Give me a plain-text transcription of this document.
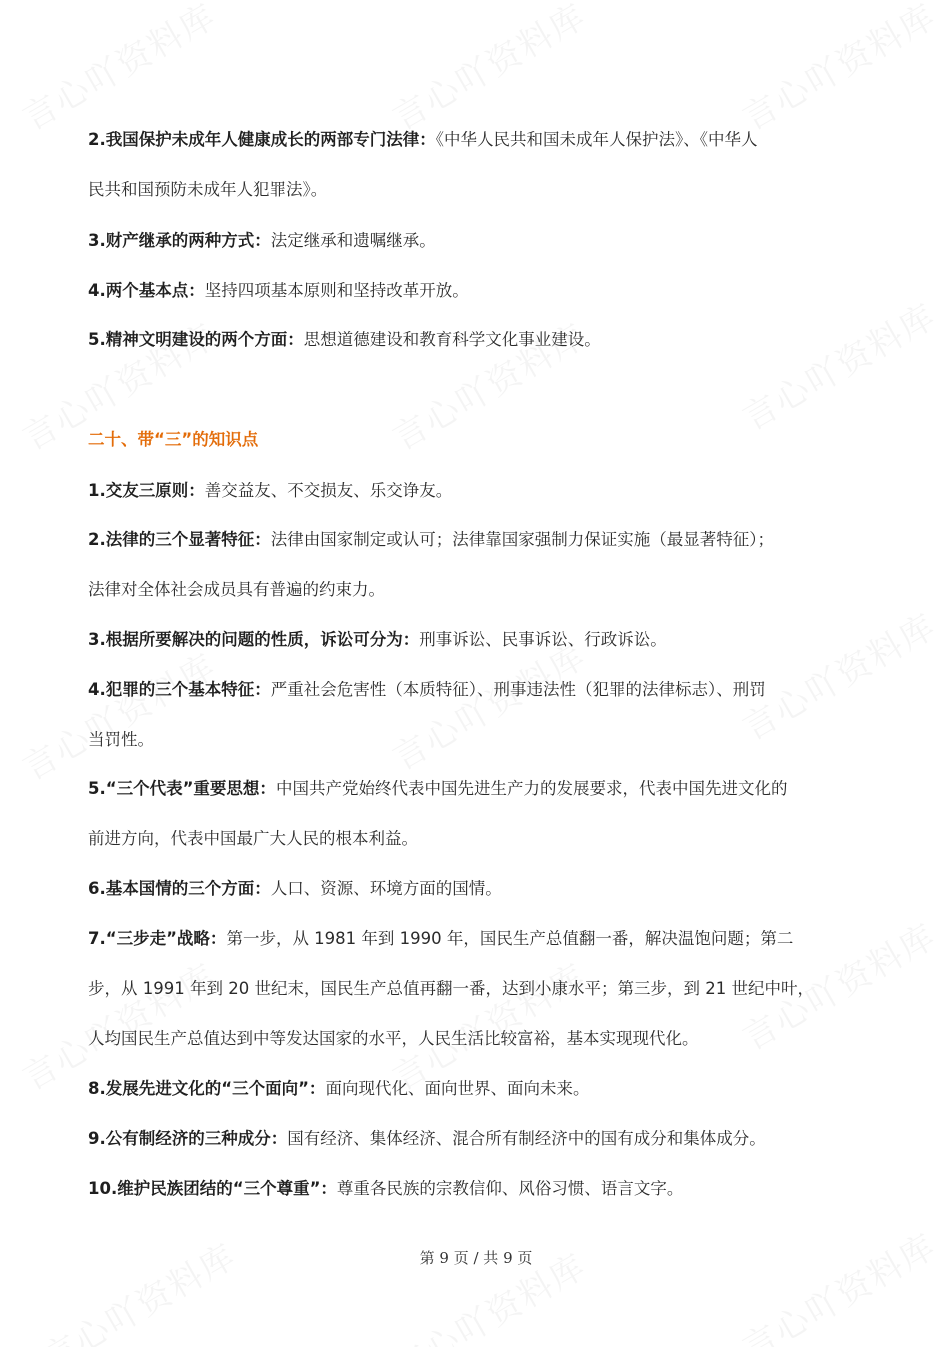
2.我国保护未成年人健康成长的两部专门法律：《中华人民共和国未成年人保护法》、《中华人
民共和国预防未成年人犯罪法》。
3.财产继承的两种方式：法定继承和遗嘱继承。
4.两个基本点：坚持四项基本原则和坚持改革开放。
5.精神文明建设的两个方面：思想道德建设和教育科学文化事业建设。
二十、带“三”的知识点
1.交友三原则：善交益友、不交损友、乐交诤友。
2.法律的三个显著特征：法律由国家制定或认可；法律靠国家强制力保证实施（最显著特征）；
法律对全体社会成员具有普遍的约束力。
3.根据所要解决的问题的性质，诉讼可分为：刑事诉讼、民事诉讼、行政诉讼。
4.犯罪的三个基本特征：严重社会危害性（本质特征）、刑事违法性（犯罪的法律标志）、刑罚
当罚性。
5.“三个代表”重要思想：中国共产党始终代表中国先进生产力的发展要求，代表中国先进文化的
前进方向，代表中国最广大人民的根本利益。
6.基本国情的三个方面：人口、资源、环境方面的国情。
7.“三步走”战略：第一步，从 1981 年到 1990 年，国民生产总值翻一番，解决温饱问题；第二
步，从 1991 年到 20 世纪末，国民生产总值再翻一番，达到小康水平；第三步，到 21 世纪中叶，
人均国民生产总值达到中等发达国家的水平，人民生活比较富裕，基本实现现代化。
8.发展先进文化的“三个面向”：面向现代化、面向世界、面向未来。
9.公有制经济的三种成分：国有经济、集体经济、混合所有制经济中的国有成分和集体成分。
10.维护民族团结的“三个尊重”：尊重各民族的宗教信仰、风俗习惯、语言文字。
第 9 页 / 共 9 页
